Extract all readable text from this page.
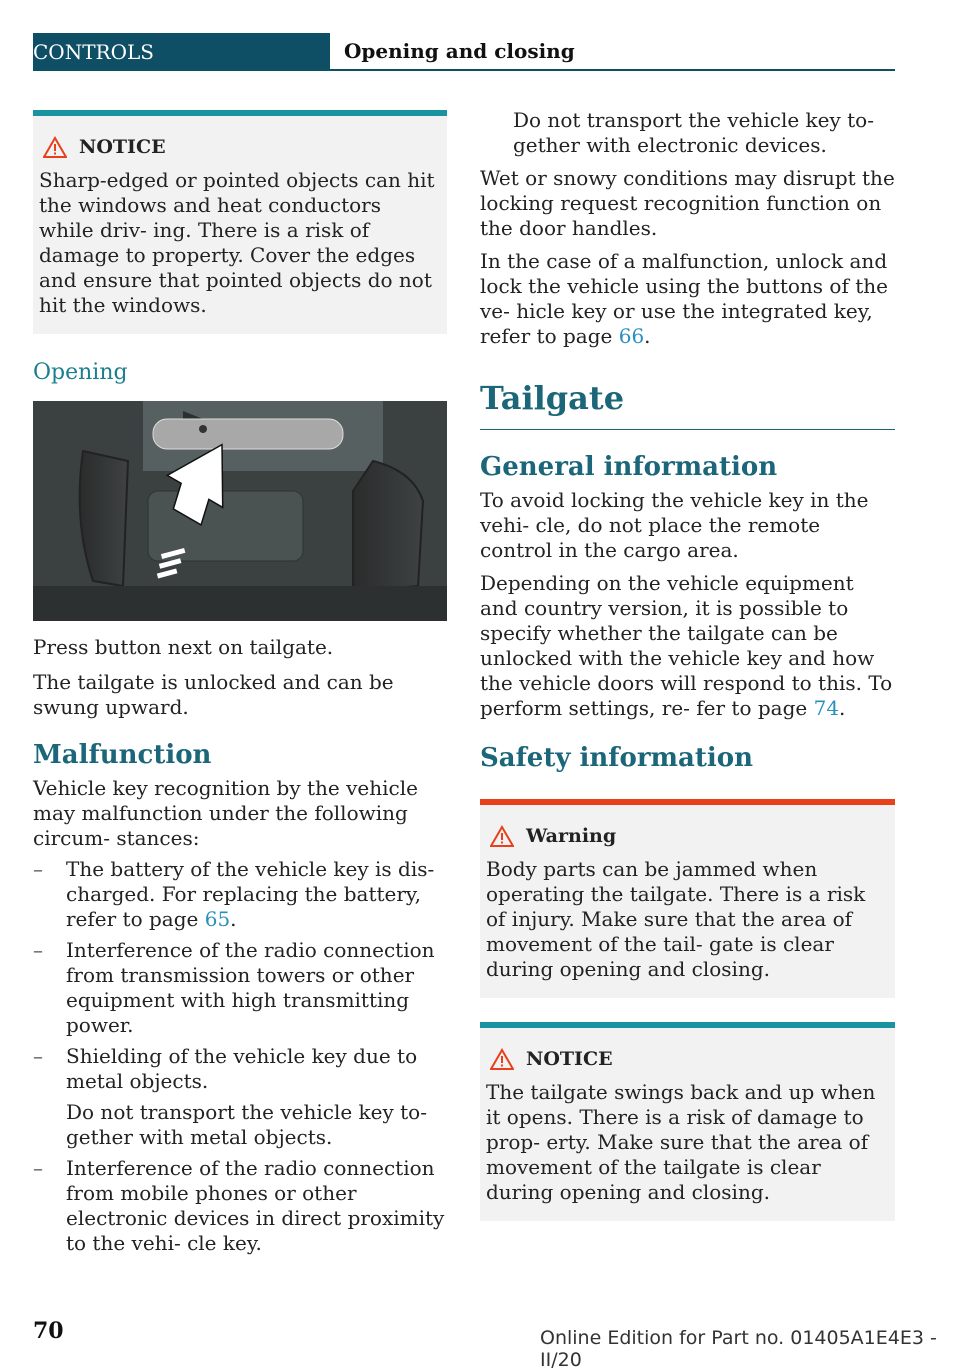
CONTROLS	Opening and closing
NOTICE

Sharp-edged or pointed objects can hit the windows and heat conductors while driv‐ ing. There is a risk of damage to property. Cover the edges and ensure that pointed objects do not hit the windows.

Opening

Press button next on tailgate.

The tailgate is unlocked and can be swung upward.

Malfunction

Vehicle key recognition by the vehicle may malfunction under the following circum‐ stances:

–	The battery of the vehicle key is dis‐ charged. For replacing the battery, refer to page 65.
–	Interference of the radio connection from transmission towers or other equipment with high transmitting power.
–	Shielding of the vehicle key due to metal objects.

Do not transport the vehicle key to‐ gether with metal objects.

–	Interference of the radio connection from mobile phones or other electronic devices in direct proximity to the vehi‐ cle key.

Do not transport the vehicle key to‐ gether with electronic devices.

Wet or snowy conditions may disrupt the locking request recognition function on the door handles.

In the case of a malfunction, unlock and lock the vehicle using the buttons of the ve‐ hicle key or use the integrated key, refer to page 66.

Tailgate
General information

To avoid locking the vehicle key in the vehi‐ cle, do not place the remote control in the cargo area.

Depending on the vehicle equipment and country version, it is possible to specify whether the tailgate can be unlocked with the vehicle key and how the vehicle doors will respond to this. To perform settings, re‐ fer to page 74.

Safety information
Warning

Body parts can be jammed when operating the tailgate. There is a risk of injury. Make sure that the area of movement of the tail‐ gate is clear during opening and closing.

NOTICE

The tailgate swings back and up when it opens. There is a risk of damage to prop‐ erty. Make sure that the area of movement of the tailgate is clear during opening and closing.

70	Online Edition for Part no. 01405A1E4E3 - II/20
